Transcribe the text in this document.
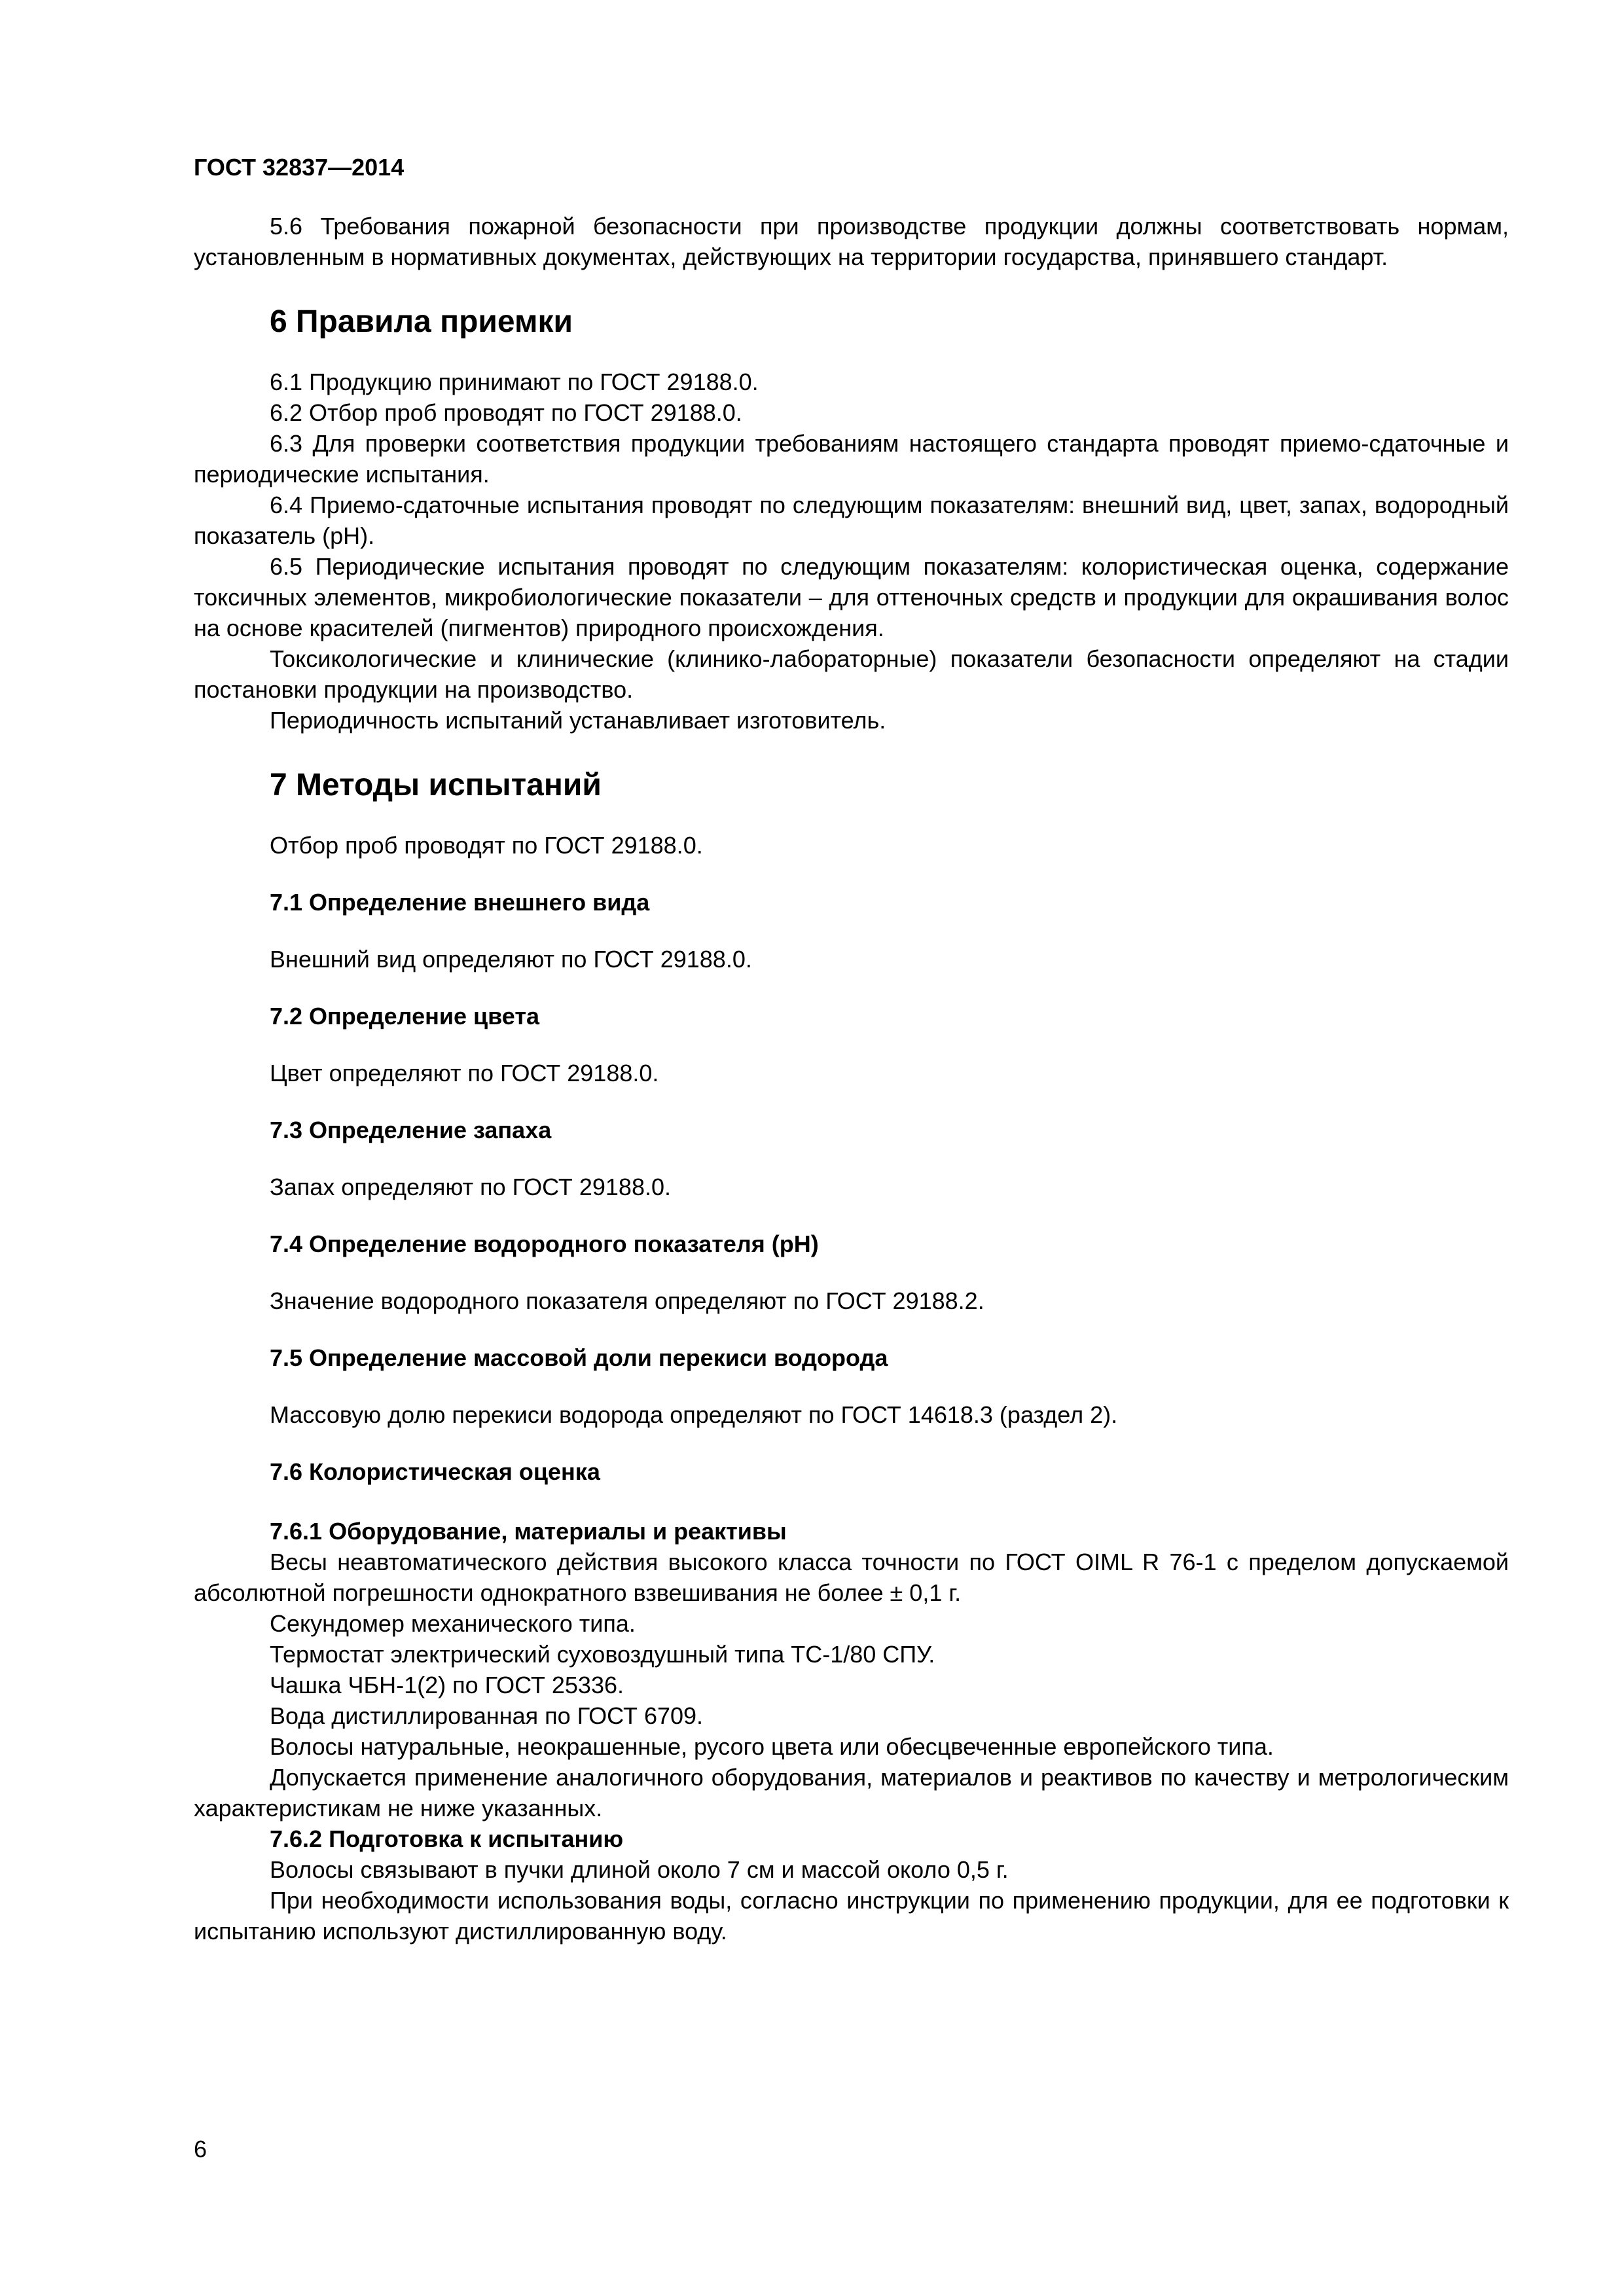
ГОСТ 32837—2014

5.6 Требования пожарной безопасности при производстве продукции должны соответствовать нормам, установленным в нормативных документах, действующих на территории государства, принявшего стандарт.

6 Правила приемки

6.1 Продукцию принимают по ГОСТ 29188.0.

6.2 Отбор проб проводят по ГОСТ 29188.0.

6.3 Для проверки соответствия продукции требованиям настоящего стандарта проводят приемо-сдаточные и периодические испытания.

6.4 Приемо-сдаточные испытания проводят по следующим показателям: внешний вид, цвет, запах, водородный показатель (pH).

6.5 Периодические испытания проводят по следующим показателям: колористическая оценка, содержание токсичных элементов, микробиологические показатели – для оттеночных средств и продукции для окрашивания волос на основе красителей (пигментов) природного происхождения.

Токсикологические и клинические (клинико-лабораторные) показатели безопасности определяют на стадии постановки продукции на производство.

Периодичность испытаний устанавливает изготовитель.

7 Методы испытаний

Отбор проб проводят по ГОСТ 29188.0.

7.1 Определение внешнего вида

Внешний вид определяют по ГОСТ 29188.0.

7.2 Определение цвета

Цвет определяют по ГОСТ 29188.0.

7.3 Определение запаха

Запах определяют по ГОСТ 29188.0.

7.4 Определение водородного показателя (pH)

Значение водородного показателя определяют по ГОСТ 29188.2.

7.5 Определение массовой доли перекиси водорода

Массовую долю перекиси водорода определяют по ГОСТ 14618.3 (раздел 2).

7.6 Колористическая оценка
7.6.1 Оборудование, материалы и реактивы

Весы неавтоматического действия высокого класса точности по ГОСТ OIML R 76-1 с пределом допускаемой абсолютной погрешности однократного взвешивания не более ± 0,1 г.

Секундомер механического типа.

Термостат электрический суховоздушный типа ТС-1/80 СПУ.

Чашка ЧБН-1(2) по ГОСТ 25336.

Вода дистиллированная по ГОСТ 6709.

Волосы натуральные, неокрашенные, русого цвета или обесцвеченные европейского типа.

Допускается применение аналогичного оборудования, материалов и реактивов по качеству и метрологическим характеристикам не ниже указанных.

7.6.2 Подготовка к испытанию

Волосы связывают в пучки длиной около 7 см и массой около 0,5 г.

При необходимости использования воды, согласно инструкции по применению продукции, для ее подготовки к испытанию используют дистиллированную воду.

6
